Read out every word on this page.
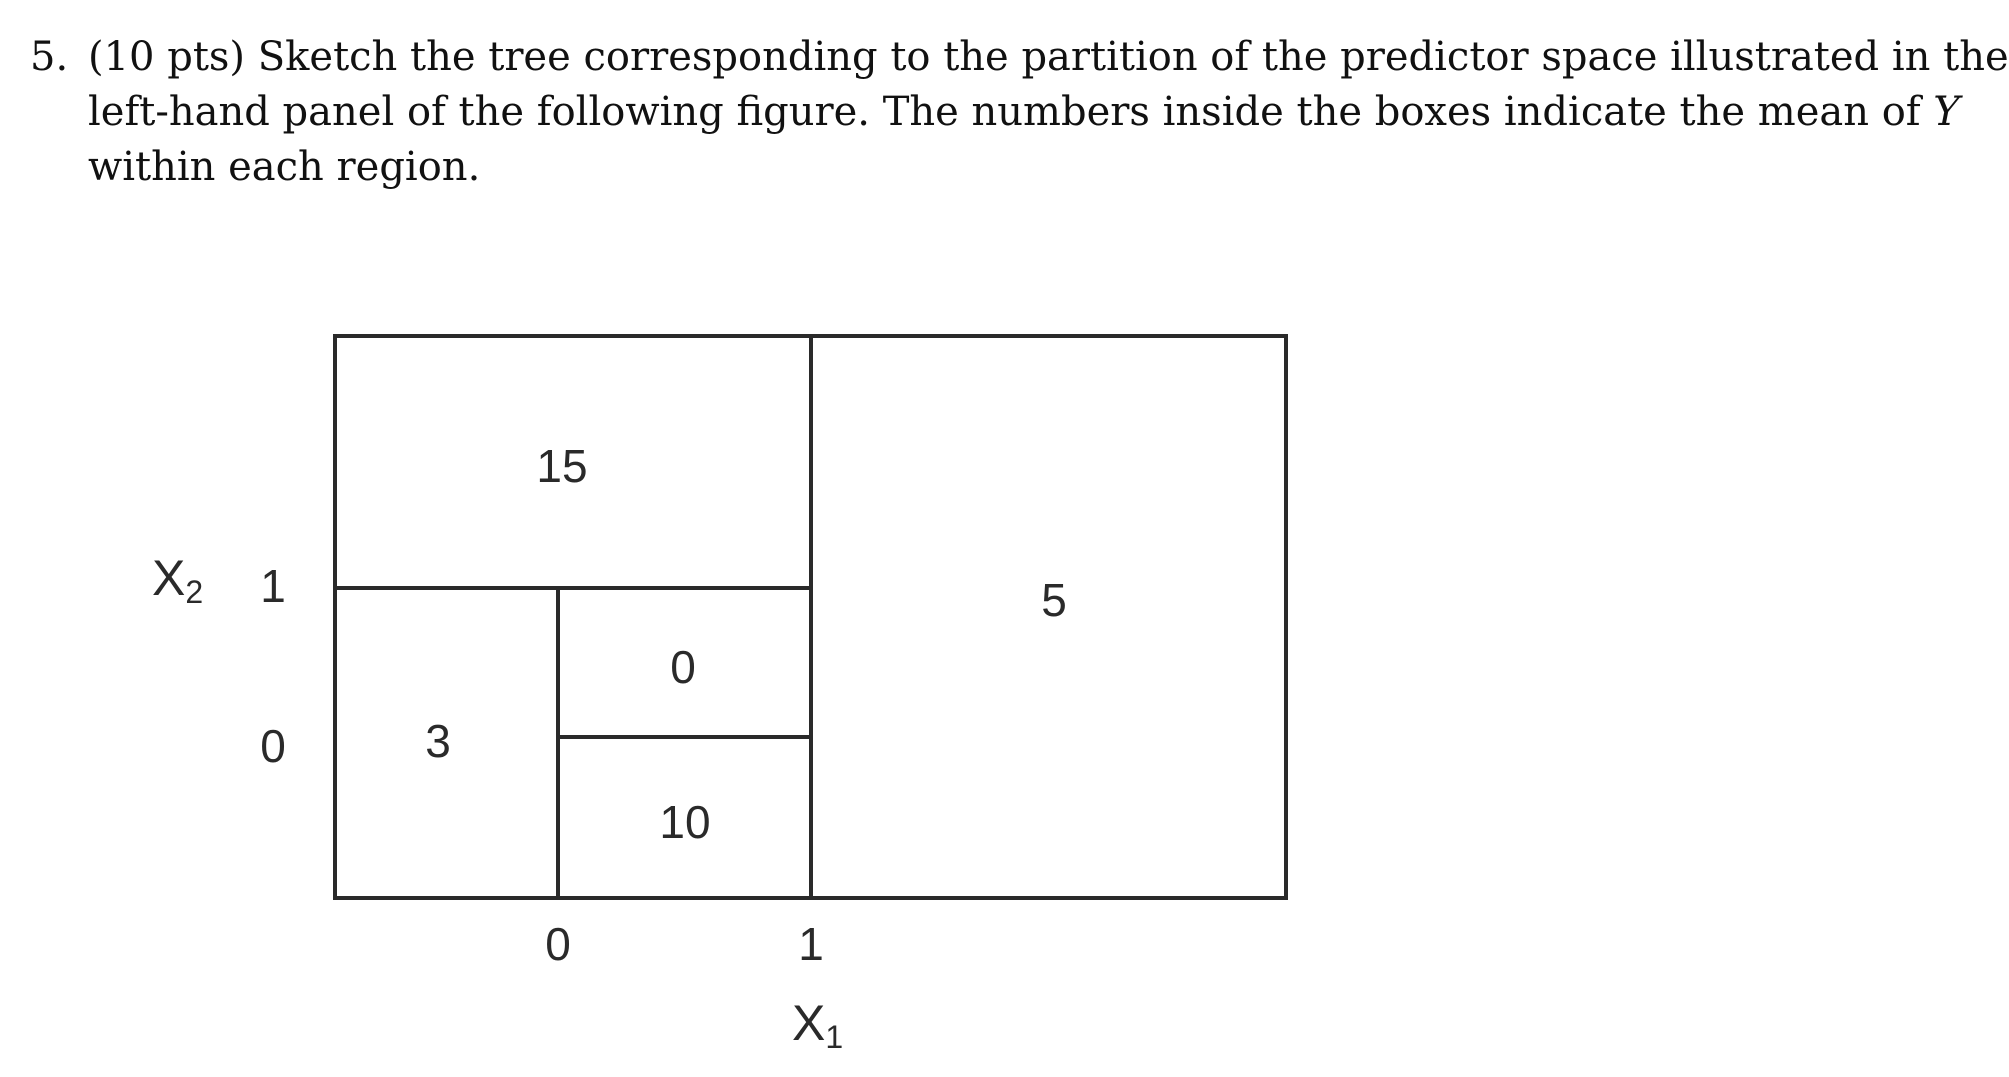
5. (10 pts) Sketch the tree corresponding to the partition of the predictor space illustrated in the
left-hand panel of the following figure. The numbers inside the boxes indicate the mean of Y
within each region.
15
5
3
0
10
X2 1
0
0	1
X1
